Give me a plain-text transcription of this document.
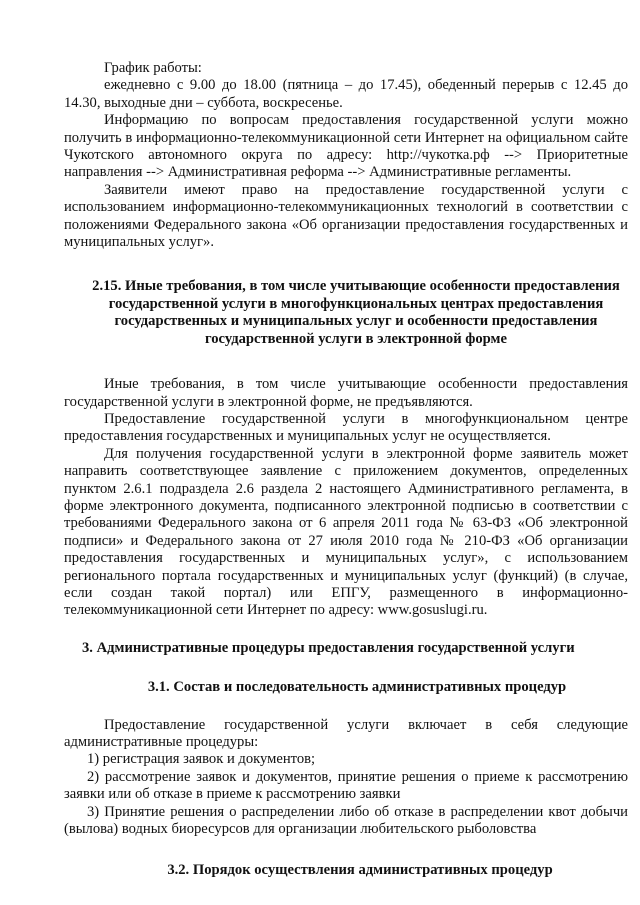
График работы:

ежедневно с 9.00 до 18.00 (пятница – до 17.45), обеденный перерыв с 12.45 до 14.30, выходные дни – суббота, воскресенье.

Информацию по вопросам предоставления государственной услуги можно получить в информационно-телекоммуникационной сети Интернет на официальном сайте Чукотского автономного округа по адресу: http://чукотка.рф --> Приоритетные направления --> Административная реформа --> Административные регламенты.

Заявители имеют право на предоставление государственной услуги с использованием информационно-телекоммуникационных технологий в соответствии с положениями Федерального закона «Об организации предоставления государственных и муниципальных услуг».

2.15. Иные требования, в том числе учитывающие особенности предоставления государственной услуги в многофункциональных центрах предоставления государственных и муниципальных услуг и особенности предоставления государственной услуги в электронной форме

Иные требования, в том числе учитывающие особенности предоставления государственной услуги в электронной форме, не предъявляются.

Предоставление государственной услуги в многофункциональном центре предоставления государственных и муниципальных услуг не осуществляется.

Для получения государственной услуги в электронной форме заявитель может направить соответствующее заявление с приложением документов, определенных пунктом 2.6.1 подраздела 2.6 раздела 2 настоящего Административного регламента, в форме электронного документа, подписанного электронной подписью в соответствии с требованиями Федерального закона от 6 апреля 2011 года № 63-ФЗ «Об электронной подписи» и Федерального закона от 27 июля 2010 года № 210-ФЗ «Об организации предоставления государственных и муниципальных услуг», с использованием регионального портала государственных и муниципальных услуг (функций) (в случае, если создан такой портал) или ЕПГУ, размещенного в информационно-телекоммуникационной сети Интернет по адресу: www.gosuslugi.ru.

3. Административные процедуры предоставления государственной услуги
3.1. Состав и последовательность административных процедур

Предоставление государственной услуги включает в себя следующие административные процедуры:

1) регистрация заявок и документов;

2) рассмотрение заявок и документов, принятие решения о приеме к рассмотрению заявки или об отказе в приеме к рассмотрению заявки

3) Принятие решения о распределении либо об отказе в распределении квот добычи (вылова) водных биоресурсов для организации любительского рыболовства

3.2. Порядок осуществления административных процедур
